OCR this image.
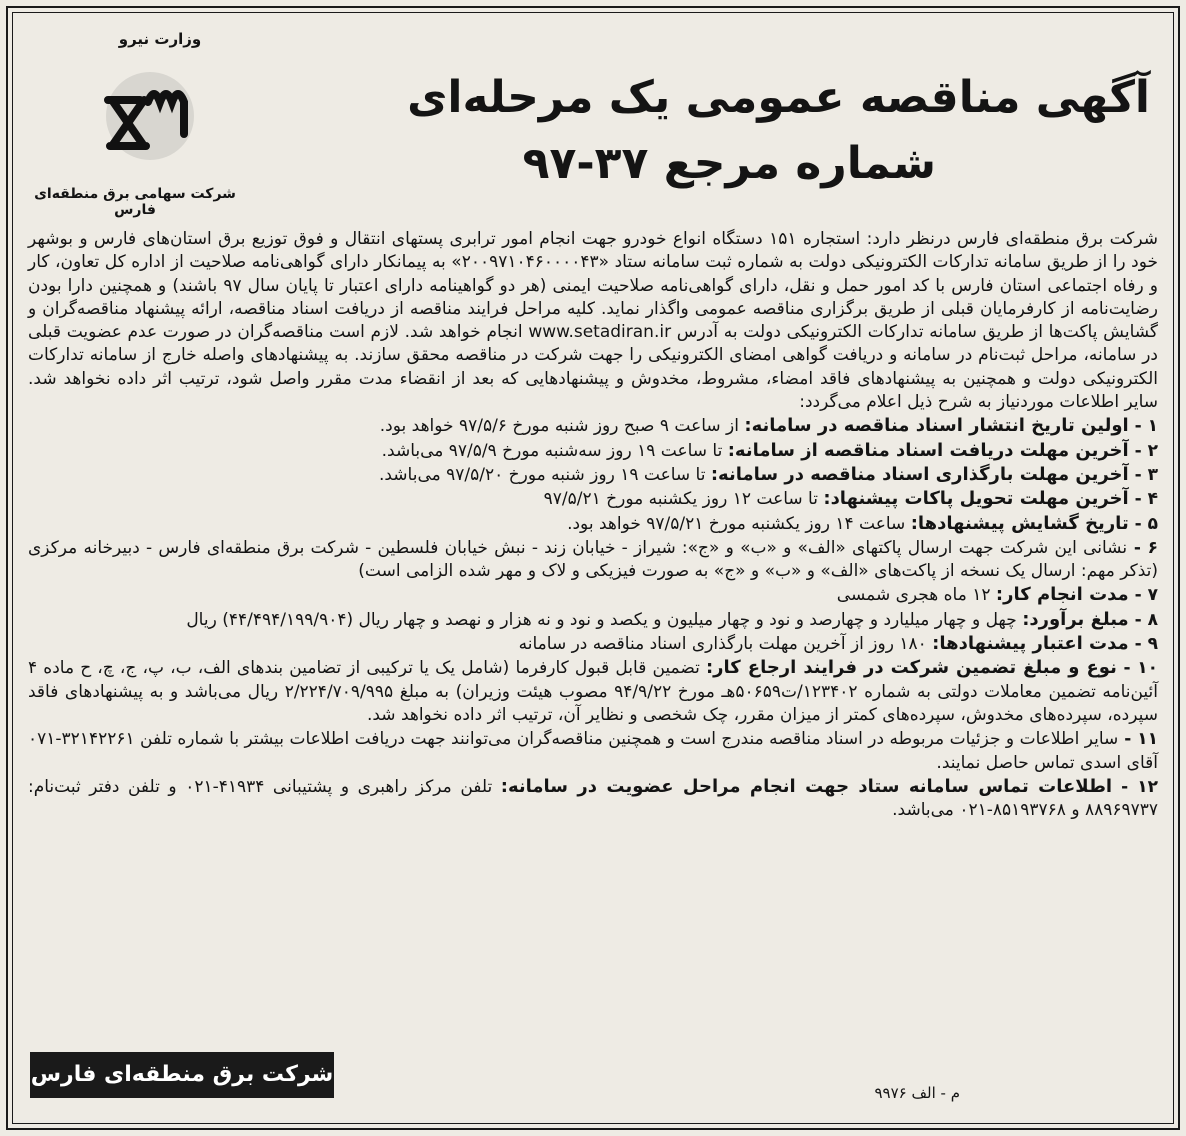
وزارت نیرو
شرکت سهامی برق منطقه‌ای فارس
آگهی مناقصه عمومی یک مرحله‌ای
شماره مرجع ۳۷-۹۷

شرکت برق منطقه‌ای فارس درنظر دارد: استجاره ۱۵۱ دستگاه انواع خودرو جهت انجام امور ترابری پستهای انتقال و فوق توزیع برق استان‌های فارس و بوشهر خود را از طریق سامانه تدارکات الکترونیکی دولت به شماره ثبت سامانه ستاد «۲۰۰۹۷۱۰۴۶۰۰۰۰۴۳» به پیمانکار دارای گواهی‌نامه صلاحیت از اداره کل تعاون، کار و رفاه اجتماعی استان فارس با کد امور حمل و نقل، دارای گواهی‌نامه صلاحیت ایمنی (هر دو گواهینامه دارای اعتبار تا پایان سال ۹۷ باشند) و همچنین دارا بودن رضایت‌نامه از کارفرمایان قبلی از طریق برگزاری مناقصه عمومی واگذار نماید. کلیه مراحل فرایند مناقصه از دریافت اسناد مناقصه، ارائه پیشنهاد مناقصه‌گران و گشایش پاکت‌ها از طریق سامانه تدارکات الکترونیکی دولت به آدرس www.setadiran.ir انجام خواهد شد. لازم است مناقصه‌گران در صورت عدم عضویت قبلی در سامانه، مراحل ثبت‌نام در سامانه و دریافت گواهی امضای الکترونیکی را جهت شرکت در مناقصه محقق سازند. به پیشنهادهای واصله خارج از سامانه تدارکات الکترونیکی دولت و همچنین به پیشنهادهای فاقد امضاء، مشروط، مخدوش و پیشنهادهایی که بعد از انقضاء مدت مقرر واصل شود، ترتیب اثر داده نخواهد شد. سایر اطلاعات موردنیاز به شرح ذیل اعلام می‌گردد:

۱ - اولین تاریخ انتشار اسناد مناقصه در سامانه: از ساعت ۹ صبح روز شنبه مورخ ۹۷/۵/۶ خواهد بود.
۲ - آخرین مهلت دریافت اسناد مناقصه از سامانه: تا ساعت ۱۹ روز سه‌شنبه مورخ ۹۷/۵/۹ می‌باشد.
۳ - آخرین مهلت بارگذاری اسناد مناقصه در سامانه: تا ساعت ۱۹ روز شنبه مورخ ۹۷/۵/۲۰ می‌باشد.
۴ - آخرین مهلت تحویل پاکات پیشنهاد: تا ساعت ۱۲ روز یکشنبه مورخ ۹۷/۵/۲۱
۵ - تاریخ گشایش پیشنهادها: ساعت ۱۴ روز یکشنبه مورخ ۹۷/۵/۲۱ خواهد بود.
۶ - نشانی این شرکت جهت ارسال پاکتهای «الف» و «ب» و «ج»: شیراز - خیابان زند - نبش خیابان فلسطین - شرکت برق منطقه‌ای فارس - دبیرخانه مرکزی (تذکر مهم: ارسال یک نسخه از پاکت‌های «الف» و «ب» و «ج» به صورت فیزیکی و لاک و مهر شده الزامی است)
۷ - مدت انجام کار: ۱۲ ماه هجری شمسی
۸ - مبلغ برآورد: چهل و چهار میلیارد و چهارصد و نود و چهار میلیون و یکصد و نود و نه هزار و نهصد و چهار ریال (۴۴/۴۹۴/۱۹۹/۹۰۴) ریال
۹ - مدت اعتبار پیشنهادها: ۱۸۰ روز از آخرین مهلت بارگذاری اسناد مناقصه در سامانه
۱۰ - نوع و مبلغ تضمین شرکت در فرایند ارجاع کار: تضمین قابل قبول کارفرما (شامل یک یا ترکیبی از تضامین بندهای الف، ب، پ، ج، چ، ح ماده ۴ آئین‌نامه تضمین معاملات دولتی به شماره ۱۲۳۴۰۲/ت۵۰۶۵۹هـ مورخ ۹۴/۹/۲۲ مصوب هیئت وزیران) به مبلغ ۲/۲۲۴/۷۰۹/۹۹۵ ریال می‌باشد و به پیشنهادهای فاقد سپرده، سپرده‌های مخدوش، سپرده‌های کمتر از میزان مقرر، چک شخصی و نظایر آن، ترتیب اثر داده نخواهد شد.
۱۱ - سایر اطلاعات و جزئیات مربوطه در اسناد مناقصه مندرج است و همچنین مناقصه‌گران می‌توانند جهت دریافت اطلاعات بیشتر با شماره تلفن ۳۲۱۴۲۲۶۱-۰۷۱ آقای اسدی تماس حاصل نمایند.
۱۲ - اطلاعات تماس سامانه ستاد جهت انجام مراحل عضویت در سامانه: تلفن مرکز راهبری و پشتیبانی ۴۱۹۳۴-۰۲۱ و تلفن دفتر ثبت‌نام: ۸۸۹۶۹۷۳۷ و ۸۵۱۹۳۷۶۸-۰۲۱ می‌باشد.
شرکت برق منطقه‌ای فارس
م - الف ۹۹۷۶
